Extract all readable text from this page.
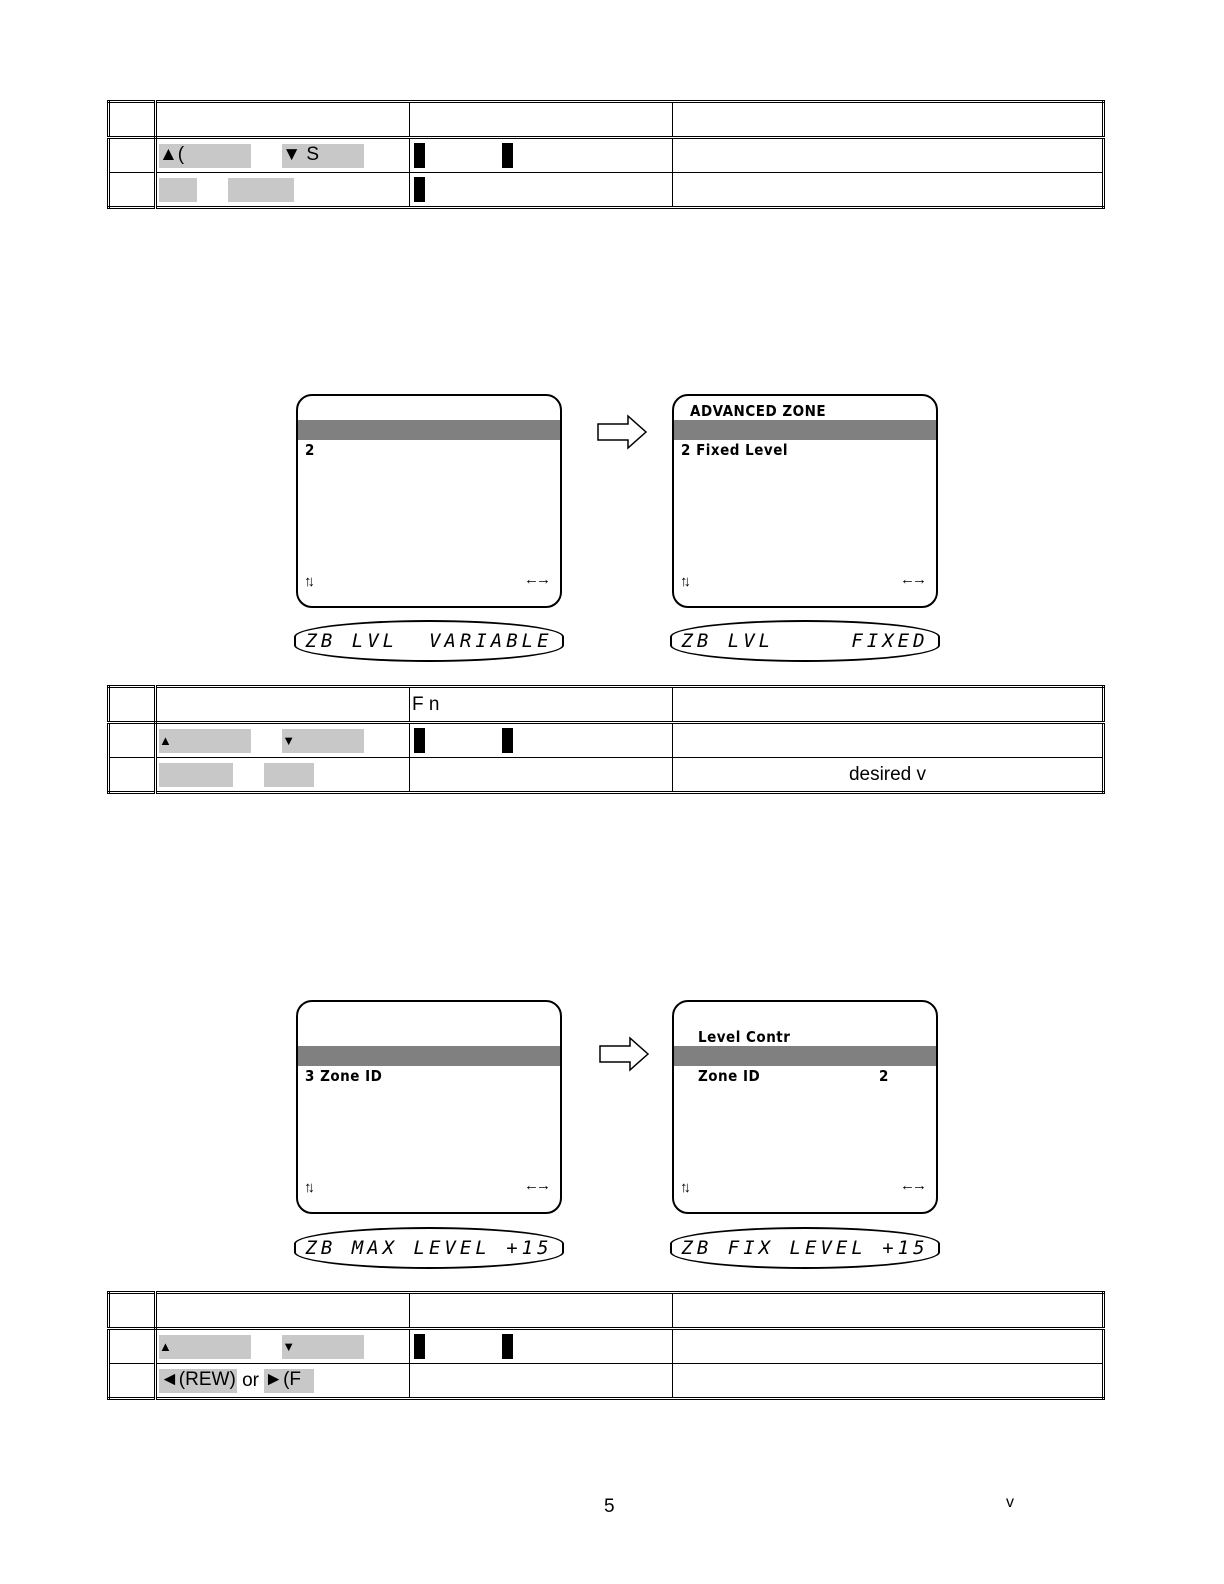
	▲( ▼ S		

2
↑↓	←→
ADVANCED ZONE
2 Fixed Level
↑↓	←→
ZB LVL  VARIABLE	ZB LVL     FIXED
		F n	
	▲ ▼		
			desired v
3 Zone ID
↑↓	←→
Level Contr
Zone ID	2
↑↓	←→
ZB MAX LEVEL +15	ZB FIX LEVEL +15

	▲ ▼		
	◄(REW) or ►(F		
5	v
